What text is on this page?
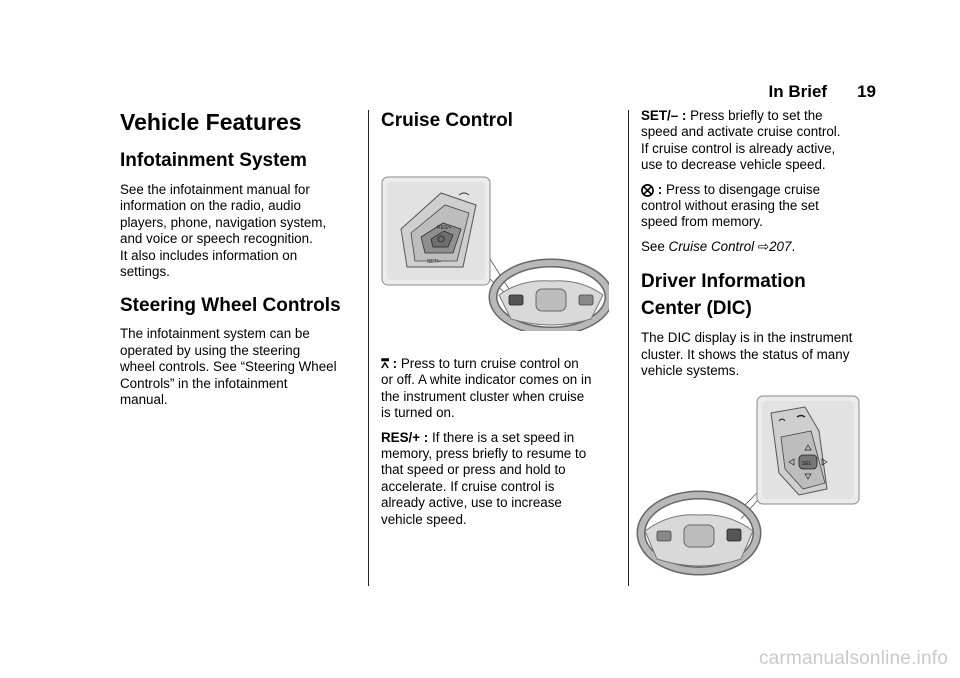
In Brief 19
Vehicle Features
Infotainment System

See the infotainment manual for
information on the radio, audio
players, phone, navigation system,
and voice or speech recognition.
It also includes information on
settings.

Steering Wheel Controls

The infotainment system can be
operated by using the steering
wheel controls. See “Steering Wheel
Controls” in the infotainment
manual.

Cruise Control
RES/+
SET/–

⩞ : Press to turn cruise control on
or off. A white indicator comes on in
the instrument cluster when cruise
is turned on.

RES/+ : If there is a set speed in
memory, press briefly to resume to
that speed or press and hold to
accelerate. If cruise control is
already active, use to increase
vehicle speed.

SET/– : Press briefly to set the
speed and activate cruise control.
If cruise control is already active,
use to decrease vehicle speed.

⨂ : Press to disengage cruise
control without erasing the set
speed from memory.

See Cruise Control ⇨207.

Driver Information
Center (DIC)

The DIC display is in the instrument
cluster. It shows the status of many
vehicle systems.

SEL
carmanualsonline.info
